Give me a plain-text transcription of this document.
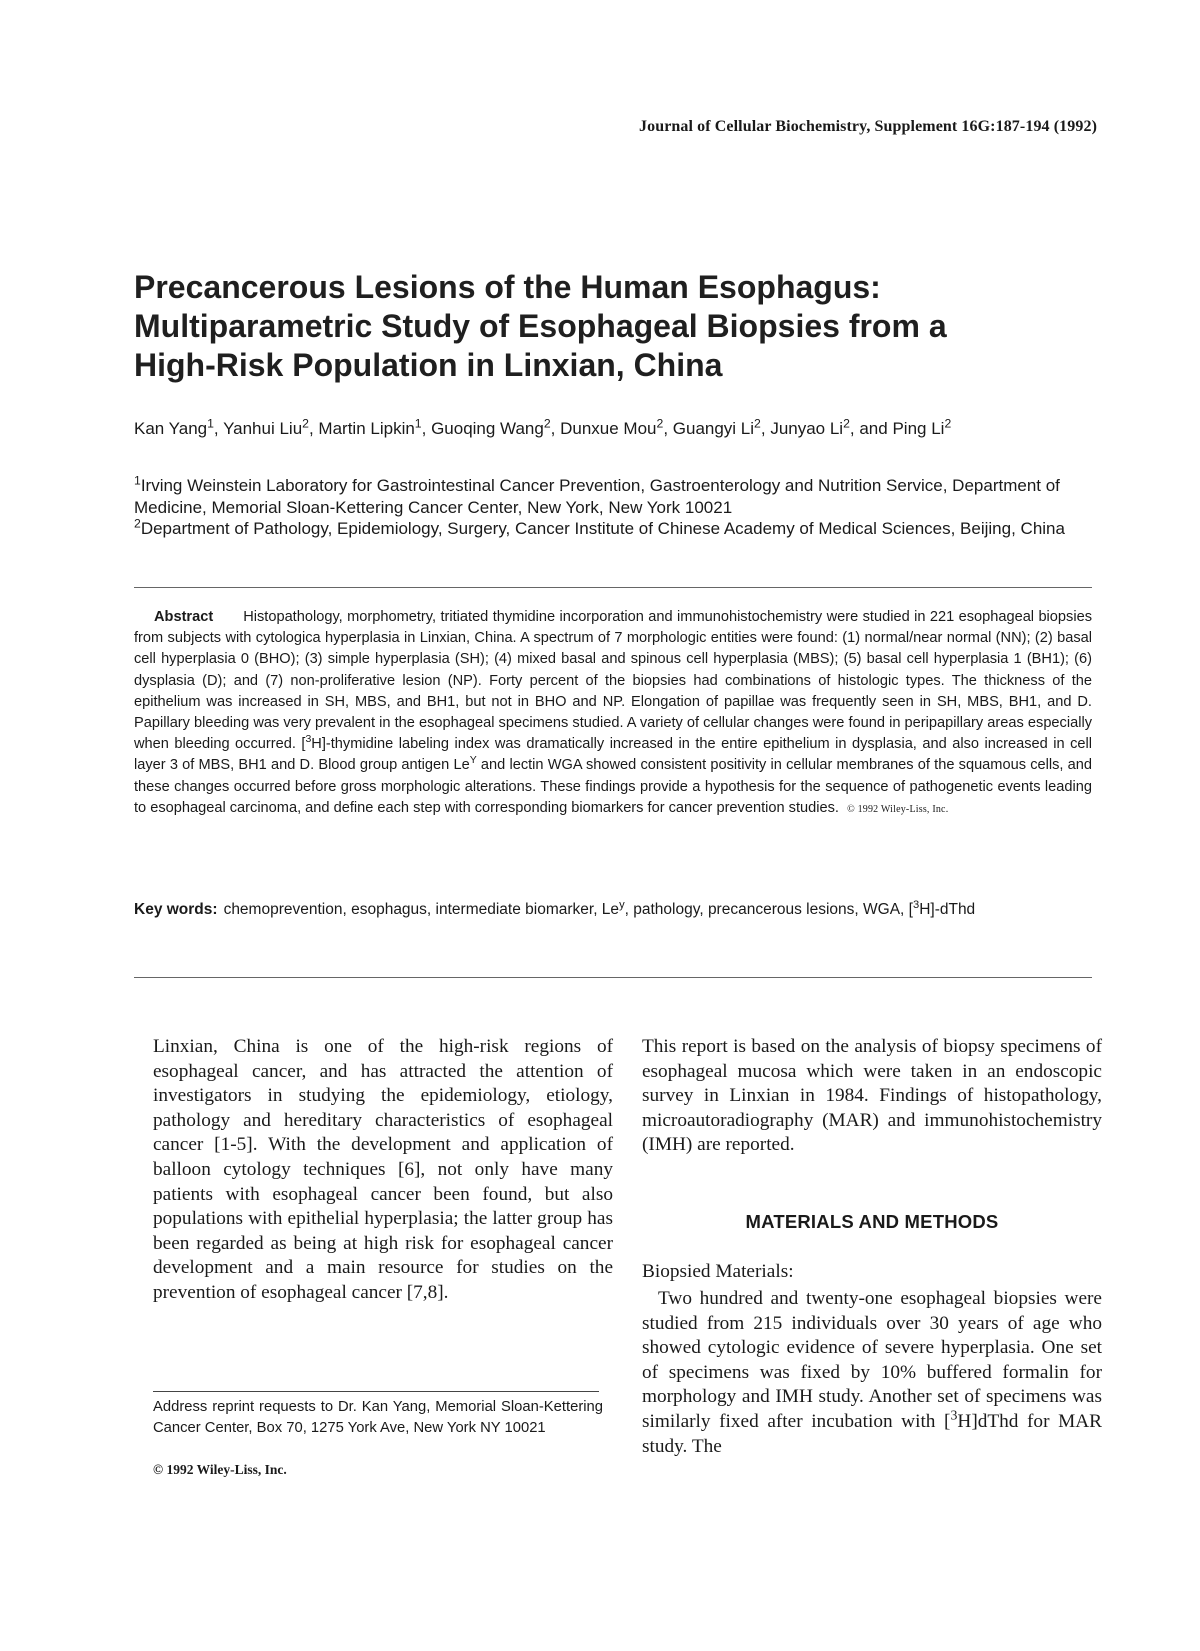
Journal of Cellular Biochemistry, Supplement 16G:187-194 (1992)
Precancerous Lesions of the Human Esophagus:
Multiparametric Study of Esophageal Biopsies from a
High-Risk Population in Linxian, China
Kan Yang$^1$, Yanhui Liu$^2$, Martin Lipkin$^1$, Guoqing Wang$^2$, Dunxue Mou$^2$, Guangyi Li$^2$, Junyao Li$^2$, and Ping Li$^2$

$^1$Irving Weinstein Laboratory for Gastrointestinal Cancer Prevention, Gastroenterology and Nutrition Service, Department of Medicine, Memorial Sloan-Kettering Cancer Center, New York, New York 10021

$^2$Department of Pathology, Epidemiology, Surgery, Cancer Institute of Chinese Academy of Medical Sciences, Beijing, China

Abstract Histopathology, morphometry, tritiated thymidine incorporation and immunohistochemistry were studied in 221 esophageal biopsies from subjects with cytologica hyperplasia in Linxian, China. A spectrum of 7 morphologic entities were found: (1) normal/near normal (NN); (2) basal cell hyperplasia 0 (BHO); (3) simple hyperplasia (SH); (4) mixed basal and spinous cell hyperplasia (MBS); (5) basal cell hyperplasia 1 (BH1); (6) dysplasia (D); and (7) non-proliferative lesion (NP). Forty percent of the biopsies had combinations of histologic types. The thickness of the epithelium was increased in SH, MBS, and BH1, but not in BHO and NP. Elongation of papillae was frequently seen in SH, MBS, BH1, and D. Papillary bleeding was very prevalent in the esophageal specimens studied. A variety of cellular changes were found in peripapillary areas especially when bleeding occurred. [$^3$H]-thymidine labeling index was dramatically increased in the entire epithelium in dysplasia, and also increased in cell layer 3 of MBS, BH1 and D. Blood group antigen $Le^Y$ and lectin WGA showed consistent positivity in cellular membranes of the squamous cells, and these changes occurred before gross morphologic alterations. These findings provide a hypothesis for the sequence of pathogenetic events leading to esophageal carcinoma, and define each step with corresponding biomarkers for cancer prevention studies. © 1992 Wiley-Liss, Inc.
Key words: chemoprevention, esophagus, intermediate biomarker, Le$^y$, pathology, precancerous lesions, WGA, [$^3$H]-dThd

Linxian, China is one of the high-risk regions of esophageal cancer, and has attracted the attention of investigators in studying the epidemiology, etiology, pathology and hereditary characteristics of esophageal cancer [1-5]. With the development and application of balloon cytology techniques [6], not only have many patients with esophageal cancer been found, but also populations with epithelial hyperplasia; the latter group has been regarded as being at high risk for esophageal cancer development and a main resource for studies on the prevention of esophageal cancer [7,8].

This report is based on the analysis of biopsy specimens of esophageal mucosa which were taken in an endoscopic survey in Linxian in 1984. Findings of histopathology, microautoradiography (MAR) and immunohistochemistry (IMH) are reported.

MATERIALS AND METHODS
Biopsied Materials:

Two hundred and twenty-one esophageal biopsies were studied from 215 individuals over 30 years of age who showed cytologic evidence of severe hyperplasia. One set of specimens was fixed by 10% buffered formalin for morphology and IMH study. Another set of specimens was similarly fixed after incubation with [$^3$H]dThd for MAR study. The

Address reprint requests to Dr. Kan Yang, Memorial Sloan-Kettering Cancer Center, Box 70, 1275 York Ave, New York NY 10021
© 1992 Wiley-Liss, Inc.
